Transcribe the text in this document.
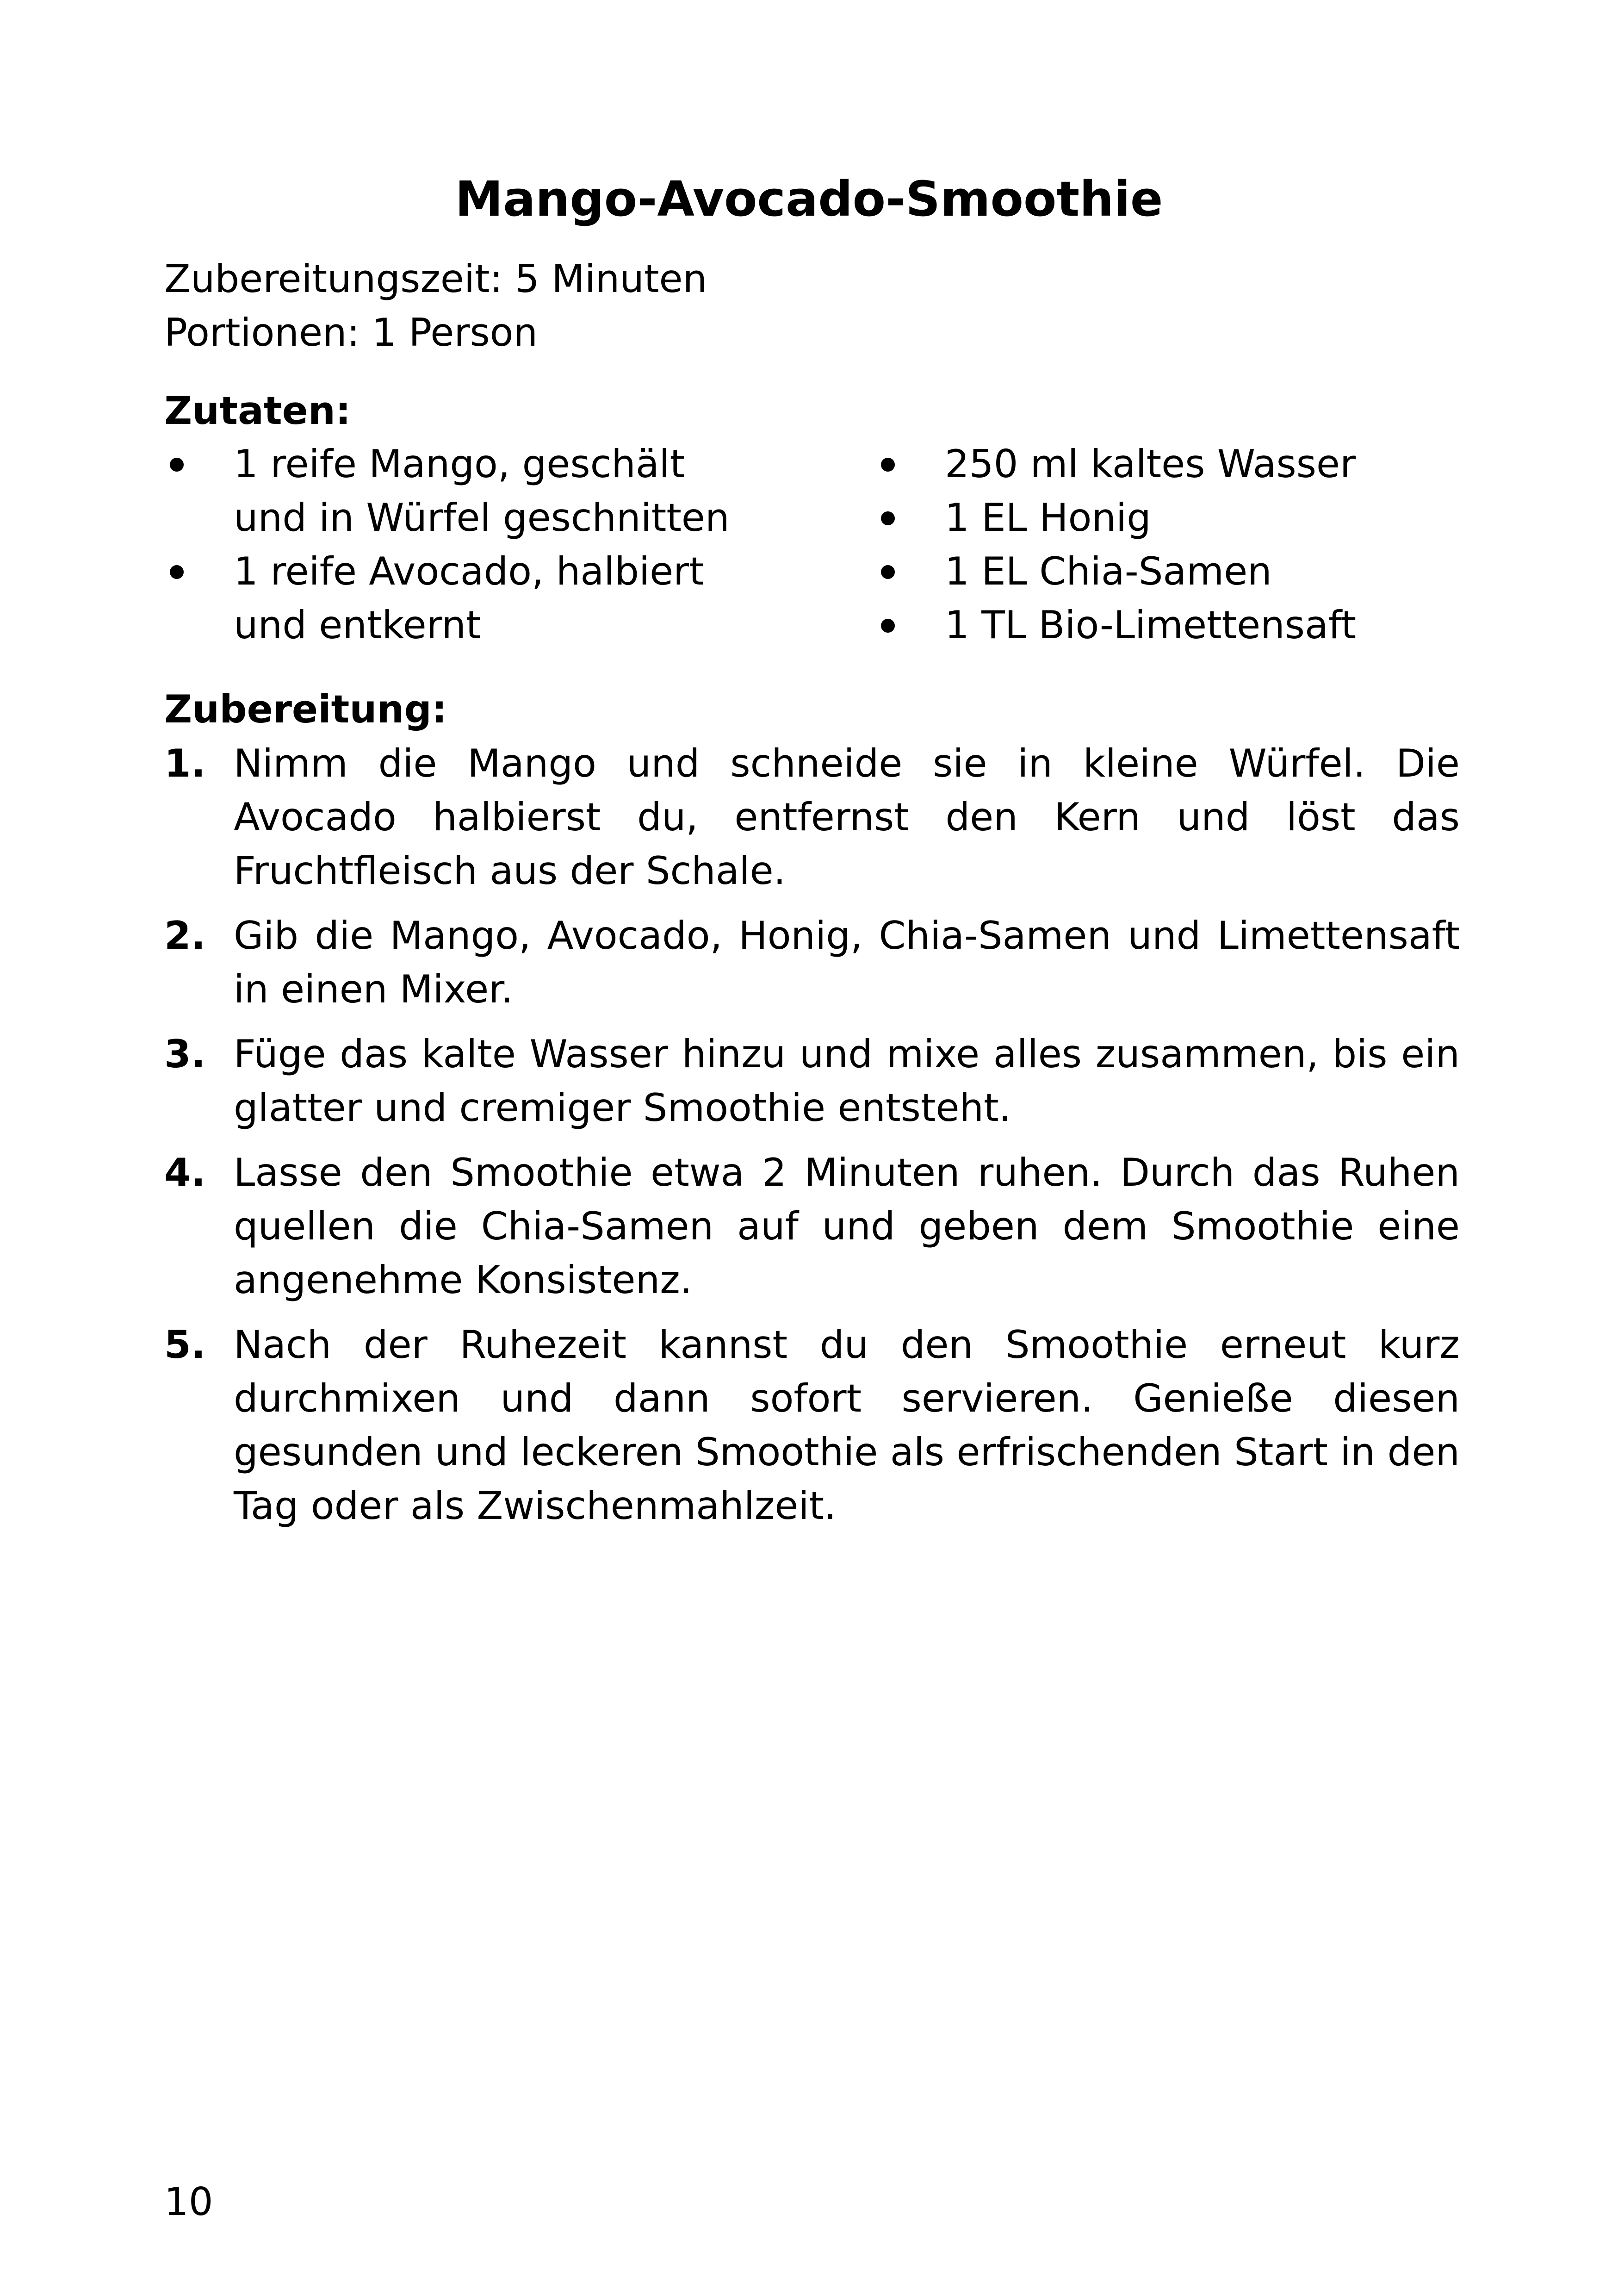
Mango-Avocado-Smoothie
Zubereitungszeit: 5 Minuten
Portionen: 1 Person
Zutaten:
1 reife Mango, geschält und in Würfel geschnitten
1 reife Avocado, halbiert und entkernt
250 ml kaltes Wasser
1 EL Honig
1 EL Chia-Samen
1 TL Bio-Limettensaft
Zubereitung:
1. Nimm die Mango und schneide sie in kleine Würfel. Die Avocado halbierst du, entfernst den Kern und löst das Fruchtfleisch aus der Schale.
2. Gib die Mango, Avocado, Honig, Chia-Samen und Limettensaft in einen Mixer.
3. Füge das kalte Wasser hinzu und mixe alles zusammen, bis ein glatter und cremiger Smoothie entsteht.
4. Lasse den Smoothie etwa 2 Minuten ruhen. Durch das Ruhen quellen die Chia-Samen auf und geben dem Smoothie eine angenehme Konsistenz.
5. Nach der Ruhezeit kannst du den Smoothie erneut kurz durchmixen und dann sofort servieren. Genieße diesen gesunden und leckeren Smoothie als erfrischenden Start in den Tag oder als Zwischenmahlzeit.
10
